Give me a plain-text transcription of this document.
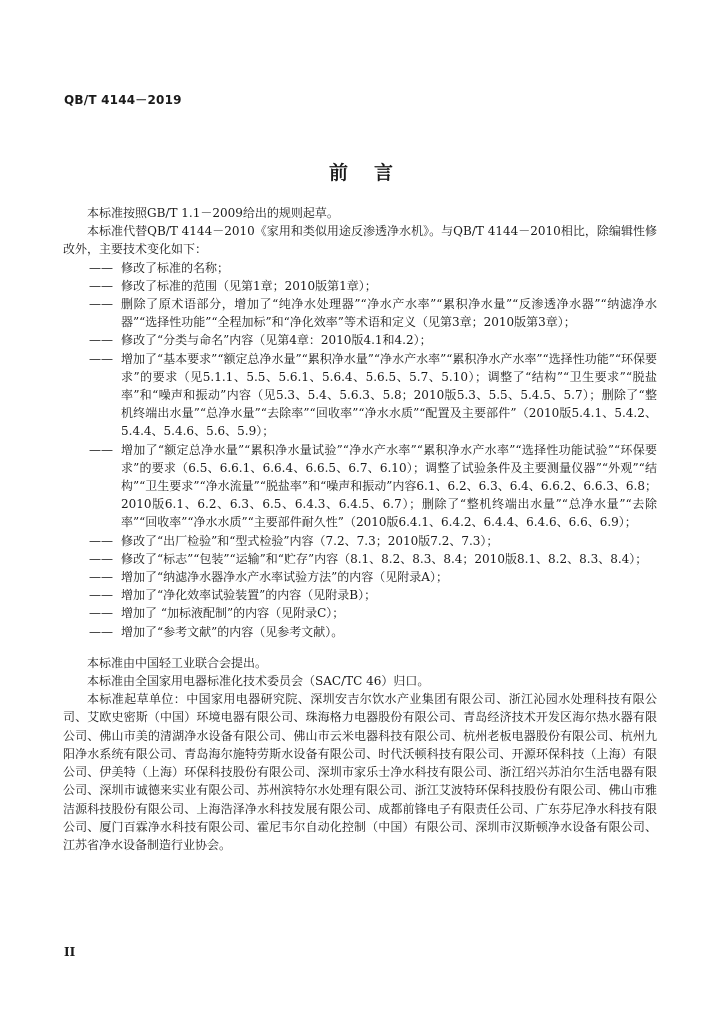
QB/T 4144－2019
前 言

本标准按照GB/T 1.1－2009给出的规则起草。

本标准代替QB/T 4144－2010《家用和类似用途反渗透净水机》。与QB/T 4144－2010相比，除编辑性修改外，主要技术变化如下：

—— 修改了标准的名称；

—— 修改了标准的范围（见第1章；2010版第1章）；

—— 删除了原术语部分，增加了“纯净水处理器”“净水产水率”“累积净水量”“反渗透净水器”“纳滤净水器”“选择性功能”“全程加标”和“净化效率”等术语和定义（见第3章；2010版第3章）；

—— 修改了“分类与命名”内容（见第4章：2010版4.1和4.2）；

—— 增加了“基本要求”“额定总净水量”“累积净水量”“净水产水率”“累积净水产水率”“选择性功能”“环保要求”的要求（见5.1.1、5.5、5.6.1、5.6.4、5.6.5、5.7、5.10）；调整了“结构”“卫生要求”“脱盐率”和“噪声和振动”内容（见5.3、5.4、5.6.3、5.8；2010版5.3、5.5、5.4.5、5.7）；删除了“整机终端出水量”“总净水量”“去除率”“回收率”“净水水质”“配置及主要部件”（2010版5.4.1、5.4.2、5.4.4、5.4.6、5.6、5.9）；

—— 增加了“额定总净水量”“累积净水量试验”“净水产水率”“累积净水产水率”“选择性功能试验”“环保要求”的要求（6.5、6.6.1、6.6.4、6.6.5、6.7、6.10）；调整了试验条件及主要测量仪器”“外观”“结构”“卫生要求”“净水流量”“脱盐率”和“噪声和振动”内容6.1、6.2、6.3、6.4、6.6.2、6.6.3、6.8；2010版6.1、6.2、6.3、6.5、6.4.3、6.4.5、6.7）；删除了“整机终端出水量”“总净水量”“去除率”“回收率”“净水水质”“主要部件耐久性”（2010版6.4.1、6.4.2、6.4.4、6.4.6、6.6、6.9）；

—— 修改了“出厂检验”和“型式检验”内容（7.2、7.3；2010版7.2、7.3）；

—— 修改了“标志”“包装”“运输”和“贮存”内容（8.1、8.2、8.3、8.4；2010版8.1、8.2、8.3、8.4）；

—— 增加了“纳滤净水器净水产水率试验方法”的内容（见附录A）；

—— 增加了“净化效率试验装置”的内容（见附录B）；

—— 增加了 “加标液配制”的内容（见附录C）；

—— 增加了“参考文献”的内容（见参考文献）。

本标准由中国轻工业联合会提出。

本标准由全国家用电器标准化技术委员会（SAC/TC 46）归口。

本标准起草单位：中国家用电器研究院、深圳安吉尔饮水产业集团有限公司、浙江沁园水处理科技有限公司、艾欧史密斯（中国）环境电器有限公司、珠海格力电器股份有限公司、青岛经济技术开发区海尔热水器有限公司、佛山市美的清湖净水设备有限公司、佛山市云米电器科技有限公司、杭州老板电器股份有限公司、杭州九阳净水系统有限公司、青岛海尔施特劳斯水设备有限公司、时代沃顿科技有限公司、开源环保科技（上海）有限公司、伊美特（上海）环保科技股份有限公司、深圳市家乐士净水科技有限公司、浙江绍兴苏泊尔生活电器有限公司、深圳市诚德来实业有限公司、苏州滨特尔水处理有限公司、浙江艾波特环保科技股份有限公司、佛山市雅洁源科技股份有限公司、上海浩泽净水科技发展有限公司、成都前锋电子有限责任公司、广东芬尼净水科技有限公司、厦门百霖净水科技有限公司、霍尼韦尔自动化控制（中国）有限公司、深圳市汉斯顿净水设备有限公司、江苏省净水设备制造行业协会。

II
